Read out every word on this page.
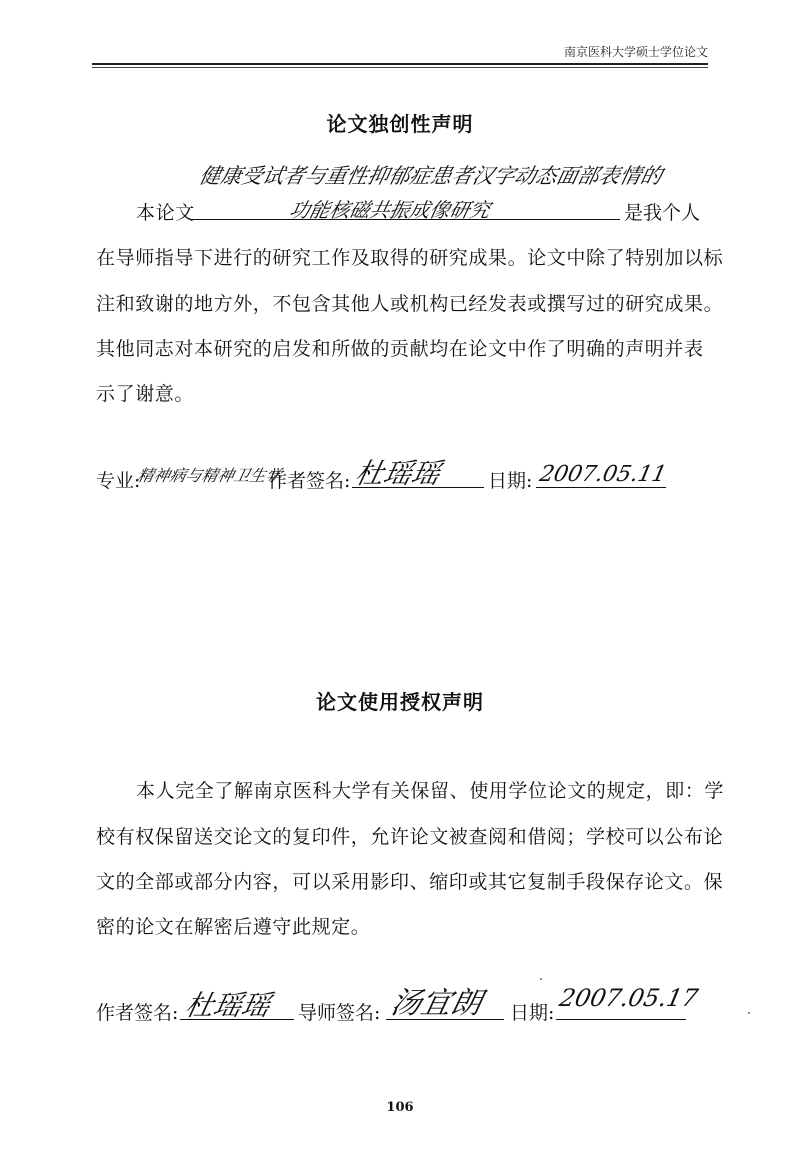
南京医科大学硕士学位论文
论文独创性声明
健康受试者与重性抑郁症患者汉字动态面部表情的
本论文	功能核磁共振成像研究	是我个人
在导师指导下进行的研究工作及取得的研究成果。论文中除了特别加以标
注和致谢的地方外，不包含其他人或机构已经发表或撰写过的研究成果。
其他同志对本研究的启发和所做的贡献均在论文中作了明确的声明并表
示了谢意。
专业:
精神病与精神卫生学
作者签名: 杜瑶瑶 日期: 2007.05.11
论文使用授权声明
本人完全了解南京医科大学有关保留、使用学位论文的规定，即：学
校有权保留送交论文的复印件，允许论文被查阅和借阅；学校可以公布论
文的全部或部分内容，可以采用影印、缩印或其它复制手段保存论文。保
密的论文在解密后遵守此规定。
作者签名: 杜瑶瑶 导师签名: 汤宜朗 日期:
2007.05.17
106
